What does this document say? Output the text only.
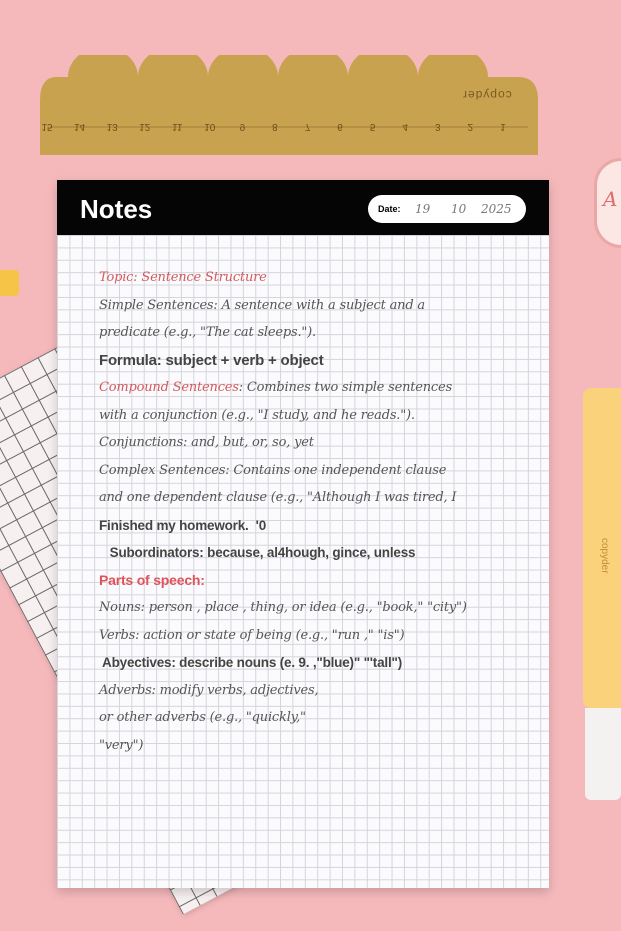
1
2
3
4
5
6
7
8
9
10
11
12
13
14
15
copyder
A
copyder
Notes	Date: 19 10 2025
Topic: Sentence Structure
Simple Sentences: A sentence with a subject and a
predicate (e.g., "The cat sleeps.").
Formula: subject + verb + object
Compound Sentences: Combines two simple sentences
with a conjunction (e.g., "I study, and he reads.").
Conjunctions: and, but, or, so, yet
Complex Sentences: Contains one independent clause
and one dependent clause (e.g., "Although I was tired, I
Finished my homework.  '0
Subordinators: because, al4hough, gince, unless
Parts of speech:
Nouns: person , place , thing, or idea (e.g., "book," "city")
Verbs: action or state of being (e.g., "run ," "is")
Abyectives: describe nouns (e. 9. ,"blue)" "'tall")
Adverbs: modify verbs, adjectives,
or other adverbs (e.g., "quickly,"
"very")
